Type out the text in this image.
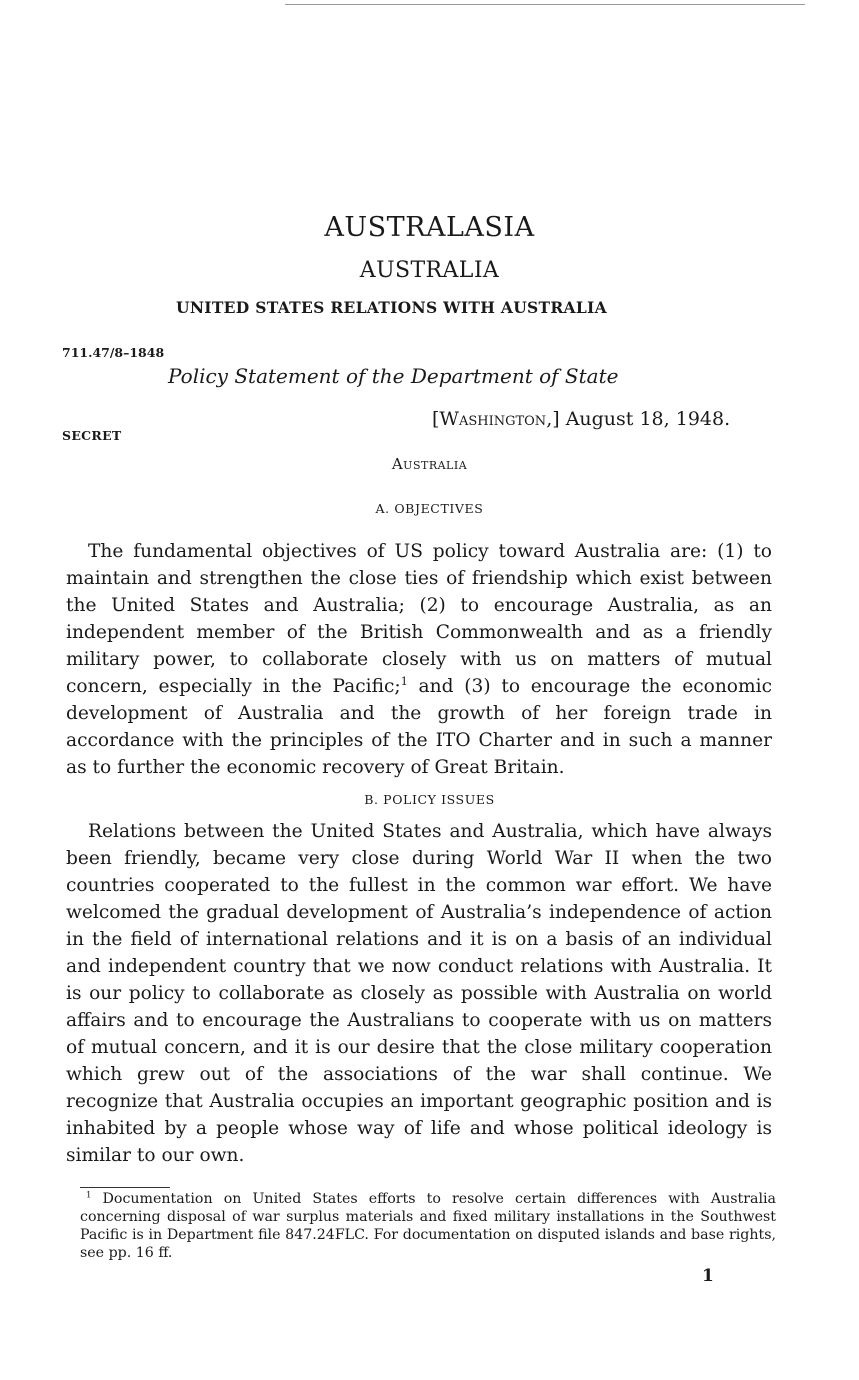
AUSTRALASIA
AUSTRALIA
UNITED STATES RELATIONS WITH AUSTRALIA
711.47/8–1848
Policy Statement of the Department of State
SECRET
[Washington,] August 18, 1948.
Australia
A. OBJECTIVES

The fundamental objectives of US policy toward Australia are: (1) to maintain and strengthen the close ties of friendship which exist between the United States and Australia; (2) to encourage Australia, as an independent member of the British Commonwealth and as a friendly military power, to collaborate closely with us on matters of mutual concern, especially in the Pacific;$^1$ and (3) to encourage the economic development of Australia and the growth of her foreign trade in accordance with the principles of the ITO Charter and in such a manner as to further the economic recovery of Great Britain.

B. POLICY ISSUES

Relations between the United States and Australia, which have always been friendly, became very close during World War II when the two countries cooperated to the fullest in the common war effort. We have welcomed the gradual development of Australia’s independence of action in the field of international relations and it is on a basis of an individual and independent country that we now conduct relations with Australia. It is our policy to collaborate as closely as possible with Australia on world affairs and to encourage the Australians to cooperate with us on matters of mutual concern, and it is our desire that the close military cooperation which grew out of the associations of the war shall continue. We recognize that Australia occupies an important geographic position and is inhabited by a people whose way of life and whose political ideology is similar to our own.

$^1$ Documentation on United States efforts to resolve certain differences with Australia concerning disposal of war surplus materials and fixed military installations in the Southwest Pacific is in Department file 847.24FLC. For documentation on disputed islands and base rights, see pp. 16 ff.

1
